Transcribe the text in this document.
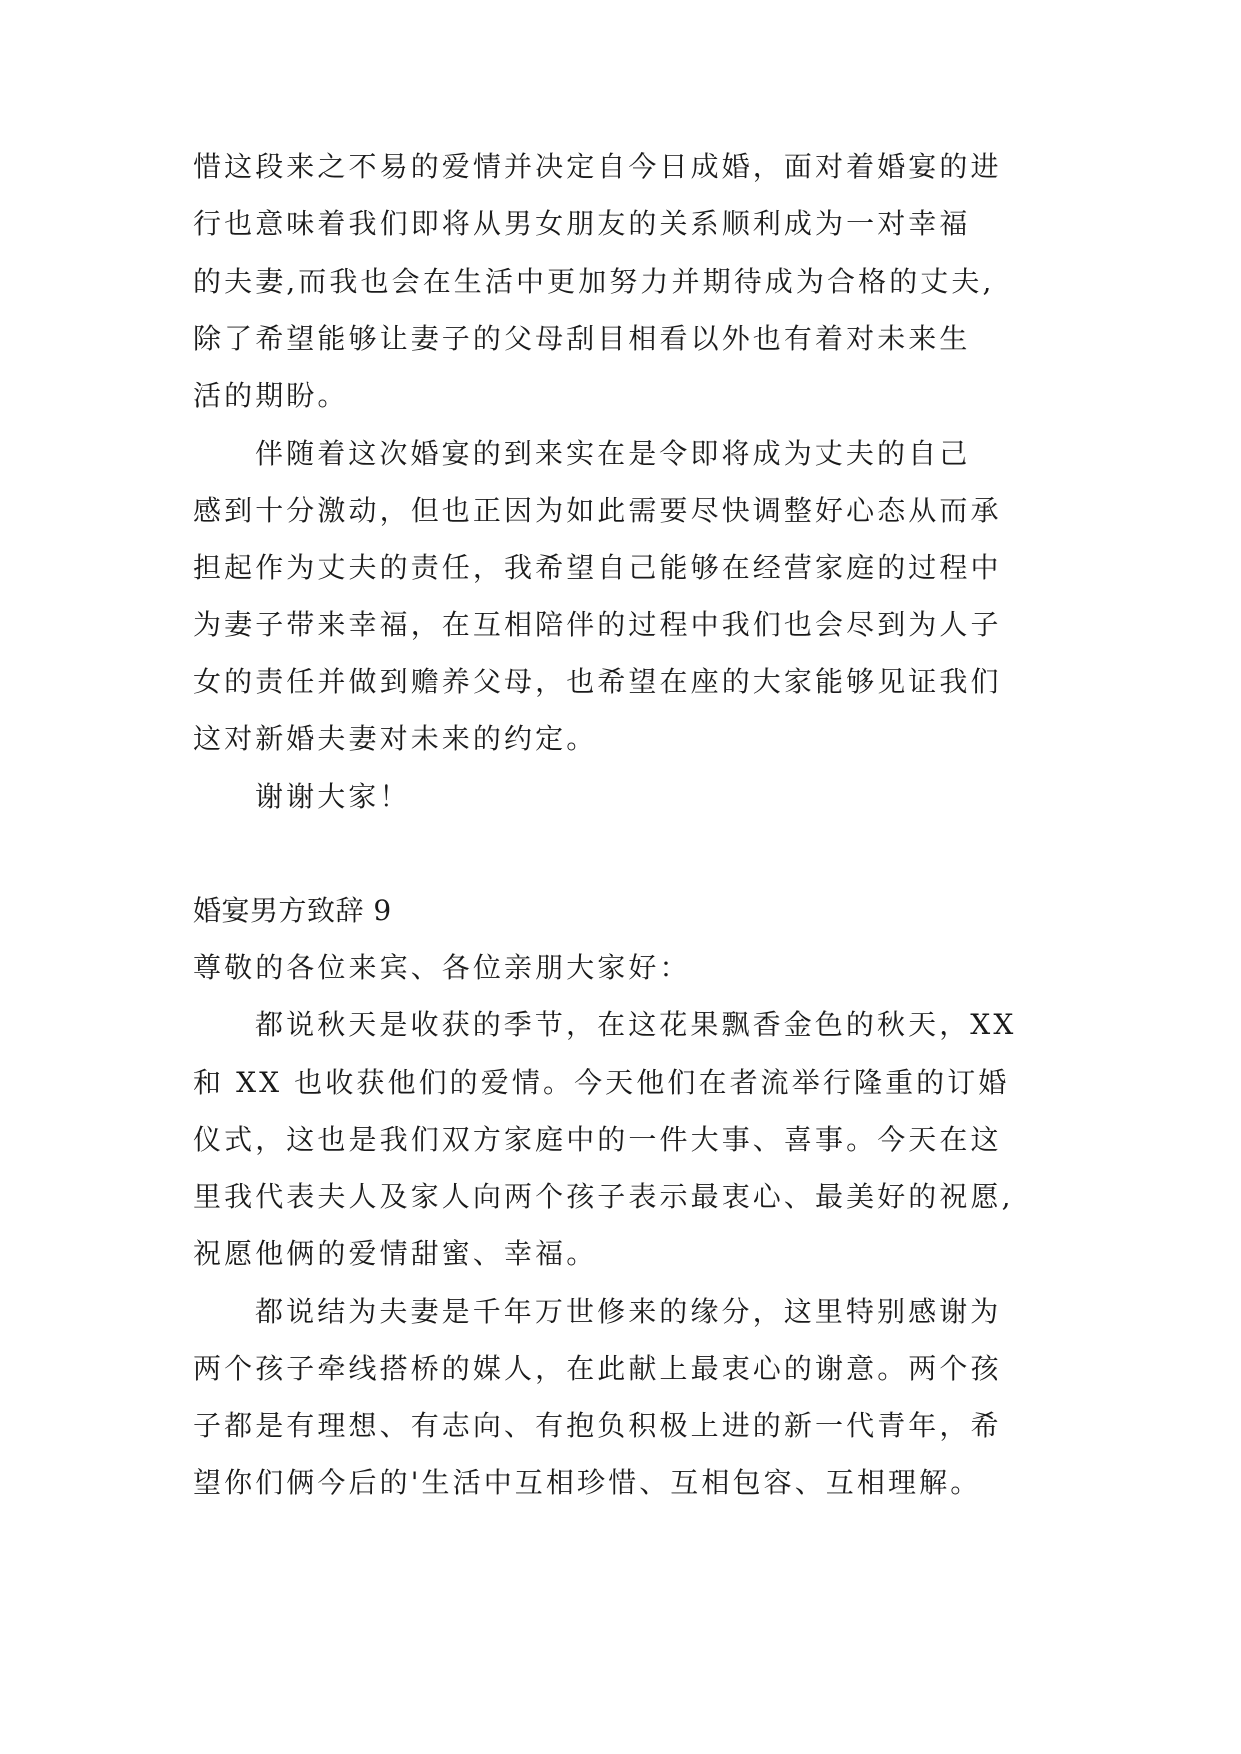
惜这段来之不易的爱情并决定自今日成婚，面对着婚宴的进

行也意味着我们即将从男女朋友的关系顺利成为一对幸福

的夫妻,而我也会在生活中更加努力并期待成为合格的丈夫,

除了希望能够让妻子的父母刮目相看以外也有着对未来生

活的期盼。

伴随着这次婚宴的到来实在是令即将成为丈夫的自己

感到十分激动，但也正因为如此需要尽快调整好心态从而承

担起作为丈夫的责任，我希望自己能够在经营家庭的过程中

为妻子带来幸福，在互相陪伴的过程中我们也会尽到为人子

女的责任并做到赡养父母，也希望在座的大家能够见证我们

这对新婚夫妻对未来的约定。

谢谢大家！

婚宴男方致辞 9

尊敬的各位来宾、各位亲朋大家好：

都说秋天是收获的季节，在这花果飘香金色的秋天，XX

和 XX 也收获他们的爱情。今天他们在者流举行隆重的订婚

仪式，这也是我们双方家庭中的一件大事、喜事。今天在这

里我代表夫人及家人向两个孩子表示最衷心、最美好的祝愿,

祝愿他俩的爱情甜蜜、幸福。

都说结为夫妻是千年万世修来的缘分，这里特别感谢为

两个孩子牵线搭桥的媒人，在此献上最衷心的谢意。两个孩

子都是有理想、有志向、有抱负积极上进的新一代青年，希

望你们俩今后的'生活中互相珍惜、互相包容、互相理解。
